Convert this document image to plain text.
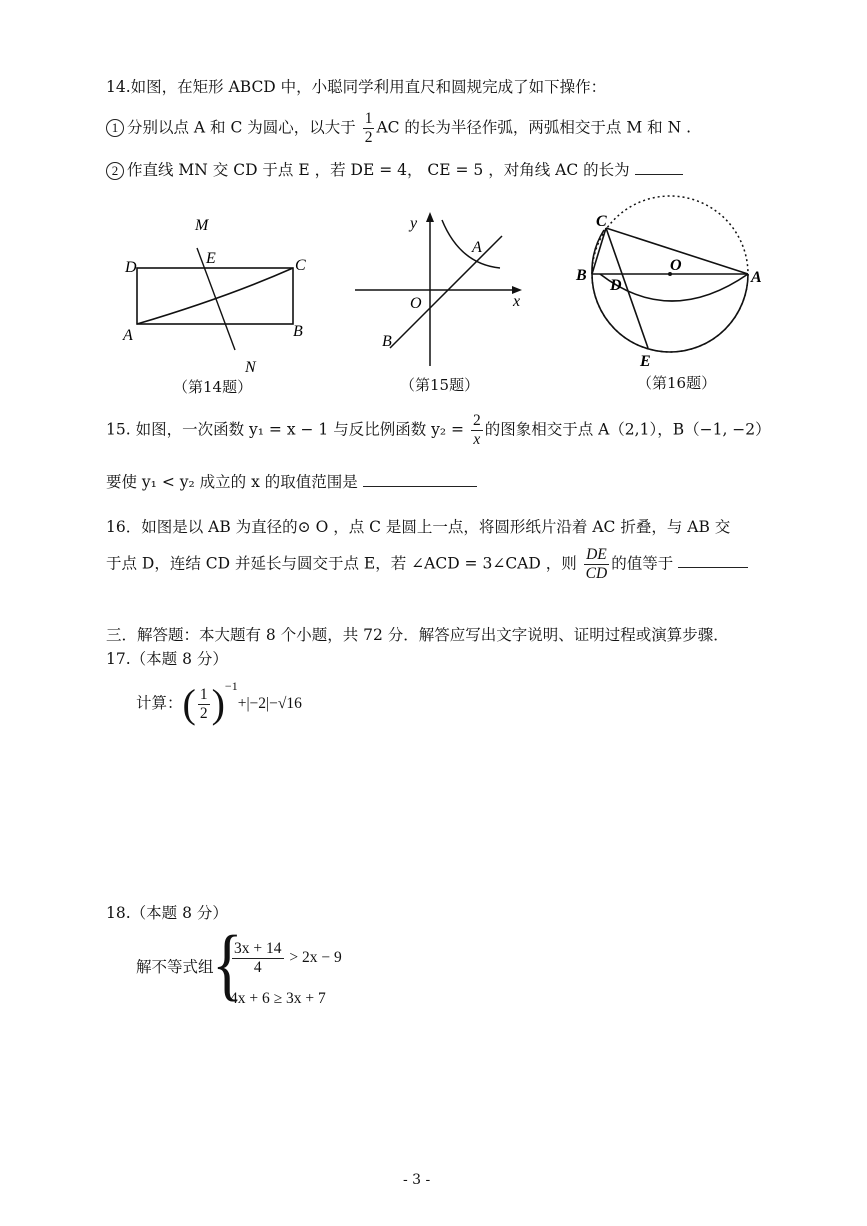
14.如图，在矩形 ABCD 中，小聪同学利用直尺和圆规完成了如下操作：
1 分别以点 A 和 C 为圆心，以大于 $\frac{1}{2}$ AC 的长为半径作弧，两弧相交于点 M 和 N .
2 作直线 MN 交 CD 于点 E ，若 DE = 4， CE = 5 ，对角线 AC 的长为
M
E
D	C
A	B
N
（第14题）
y
x
O
A
B
（第15题）
C
B
D
O
A
E
（第16题）
15. 如图，一次函数 y₁ = x − 1 与反比例函数 $y_2 = \frac{2}{x}$ 的图象相交于点 A（2,1），B（−1, −2）
要使 y₁ < y₂ 成立的 x 的取值范围是
16．如图是以 AB 为直径的⊙ O ，点 C 是圆上一点，将圆形纸片沿着 AC 折叠，与 AB 交
于点 D，连结 CD 并延长与圆交于点 E，若 ∠ACD = 3∠CAD ，则 $\frac{DE}{CD}$ 的值等于
三．解答题：本大题有 8 个小题，共 72 分．解答应写出文字说明、证明过程或演算步骤．
17.（本题 8 分）
计算：( $\frac{1}{2} )^{-1}+|-2|-√16$
18.（本题 8 分）
解不等式组
{
$\frac{3x + 14}{4} > 2x - 9$
4x + 6 ≥ 3x + 7
- 3 -
